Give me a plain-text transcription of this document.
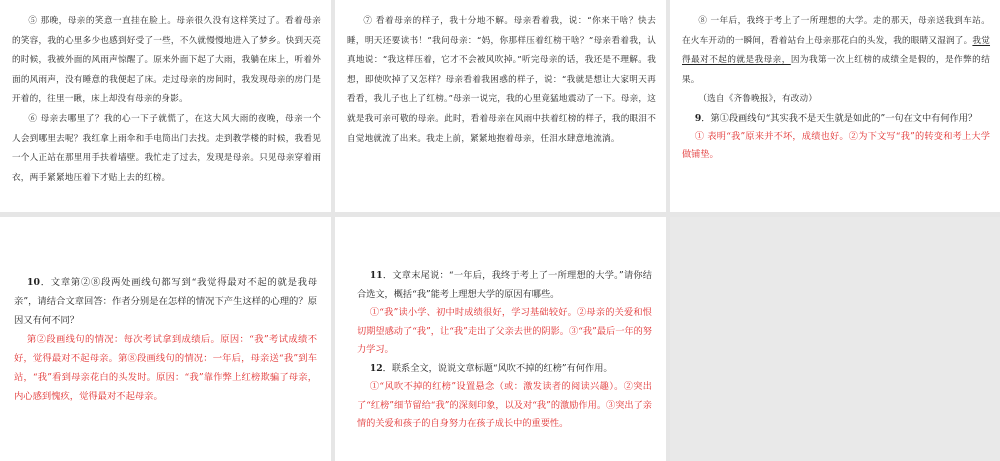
⑤ 那晚，母亲的笑意一直挂在脸上。母亲很久没有这样笑过了。看着母亲的笑容，我的心里多少也感到好受了一些，不久就慢慢地进入了梦乡。快到天亮的时候，我被外面的风雨声惊醒了。原来外面下起了大雨，我躺在床上，听着外面的风雨声，没有睡意的我便起了床。走过母亲的房间时，我发现母亲的房门是开着的，往里一瞅，床上却没有母亲的身影。

⑥ 母亲去哪里了？我的心一下子就慌了，在这大风大雨的夜晚，母亲一个人会到哪里去呢？我红拿上雨伞和手电筒出门去找。走到教学楼的时候，我看见一个人正站在那里用手扶着墙壁。我忙走了过去，发现是母亲。只见母亲穿着雨衣，两手紧紧地压着下才贴上去的红榜。

⑦ 看着母亲的样子，我十分地不解。母亲看着我，说：“你来干啥？快去睡，明天还要读书！”我问母亲：“妈，你那样压着红榜干啥？”母亲看着我，认真地说：“我这样压着，它才不会被风吹掉。”听完母亲的话，我还是不理解。我想，即使吹掉了又怎样？母亲看着我困惑的样子，说：“我就是想让大家明天再看看，我儿子也上了红榜。”母亲一说完，我的心里竟猛地震动了一下。母亲，这就是我可亲可敬的母亲。此时，看着母亲在风雨中扶着红榜的样子，我的眼泪不自觉地就流了出来。我走上前，紧紧地抱着母亲，任泪水肆意地流淌。

⑧ 一年后，我终于考上了一所理想的大学。走的那天，母亲送我到车站。在火车开动的一瞬间，看着站台上母亲那花白的头发，我的眼睛又湿润了。我觉得最对不起的就是我母亲，因为我第一次上红榜的成绩全是假的，是作弊的结果。

（选自《齐鲁晚报》，有改动）

9．第①段画线句“其实我不是天生就是如此的”一句在文中有何作用？

① 表明“我”原来并不坏，成绩也好。②为下文写“我”的转变和考上大学做铺垫。

10．文章第②⑧段两处画线句都写到“我觉得最对不起的就是我母亲”，请结合文章回答：作者分别是在怎样的情况下产生这样的心理的？原因又有何不同？

第②段画线句的情况：每次考试拿到成绩后。原因：“我”考试成绩不好，觉得最对不起母亲。第⑧段画线句的情况：一年后，母亲送“我”到车站，“我”看到母亲花白的头发时。原因：“我”靠作弊上红榜欺骗了母亲，内心感到愧疚，觉得最对不起母亲。

11．文章末尾说：“一年后，我终于考上了一所理想的大学。”请你结合选文，概括“我”能考上理想大学的原因有哪些。

①“我”读小学、初中时成绩很好，学习基础较好。②母亲的关爱和恨切期望感动了“我”，让“我”走出了父亲去世的阴影。③“我”最后一年的努力学习。

12．联系全文，说说文章标题“风吹不掉的红榜”有何作用。

①“风吹不掉的红榜”设置悬念（或：激发读者的阅读兴趣）。②突出了“红榜”细节留给“我”的深刻印象，以及对“我”的激励作用。③突出了亲情的关爱和孩子的自身努力在孩子成长中的重要性。
